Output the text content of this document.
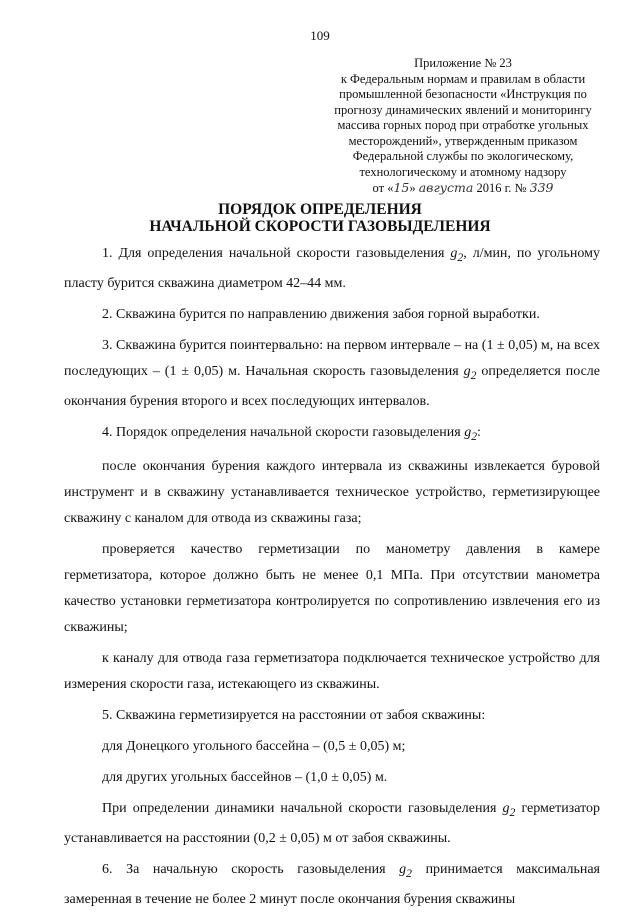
109
Приложение № 23
к Федеральным нормам и правилам в области
промышленной безопасности «Инструкция по
прогнозу динамических явлений и мониторингу
массива горных пород при отработке угольных
месторождений», утвержденным приказом
Федеральной службы по экологическому,
технологическому и атомному надзору
от «15» августа 2016 г. № 339
ПОРЯДОК ОПРЕДЕЛЕНИЯ
НАЧАЛЬНОЙ СКОРОСТИ ГАЗОВЫДЕЛЕНИЯ

1. Для определения начальной скорости газовыделения $g_2$, л/мин, по угольному пласту бурится скважина диаметром 42–44 мм.

2. Скважина бурится по направлению движения забоя горной выработки.

3. Скважина бурится поинтервально: на первом интервале – на (1 ± 0,05) м, на всех последующих – (1 ± 0,05) м. Начальная скорость газовыделения $g_2$ определяется после окончания бурения второго и всех последующих интервалов.

4. Порядок определения начальной скорости газовыделения $g_2$:

после окончания бурения каждого интервала из скважины извлекается буровой инструмент и в скважину устанавливается техническое устройство, герметизирующее скважину с каналом для отвода из скважины газа;

проверяется качество герметизации по манометру давления в камере герметизатора, которое должно быть не менее 0,1 МПа. При отсутствии манометра качество установки герметизатора контролируется по сопротивлению извлечения его из скважины;

к каналу для отвода газа герметизатора подключается техническое устройство для измерения скорости газа, истекающего из скважины.

5. Скважина герметизируется на расстоянии от забоя скважины:

для Донецкого угольного бассейна – (0,5 ± 0,05) м;

для других угольных бассейнов – (1,0 ± 0,05) м.

При определении динамики начальной скорости газовыделения $g_2$ герметизатор устанавливается на расстоянии (0,2 ± 0,05) м от забоя скважины.

6. За начальную скорость газовыделения $g_2$ принимается максимальная замеренная в течение не более 2 минут после окончания бурения скважины
